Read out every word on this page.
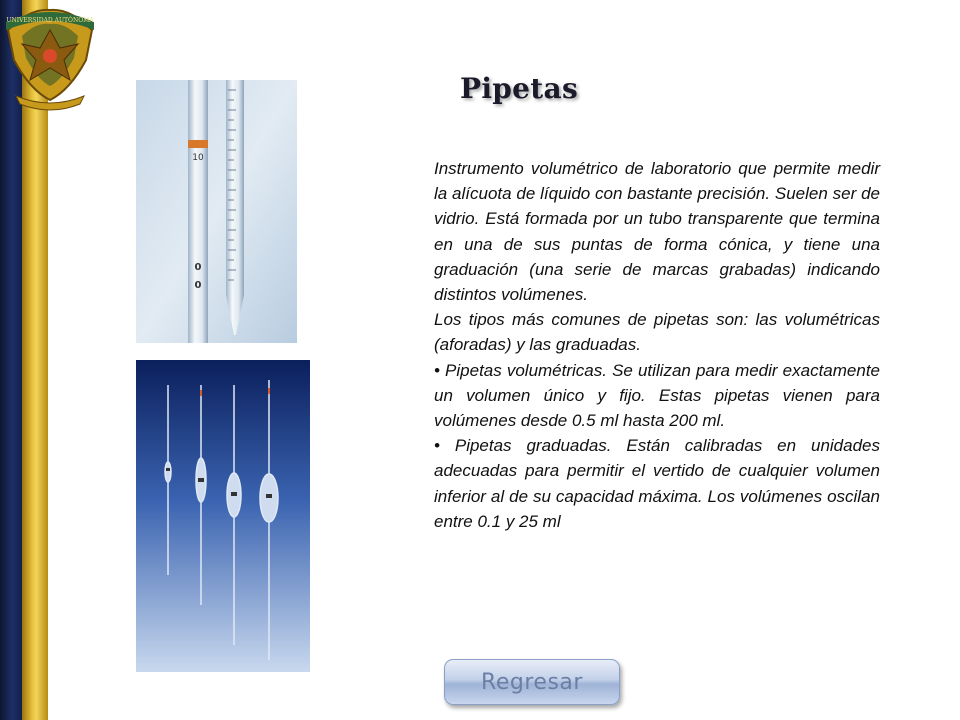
UNIVERSIDAD AUTÓNOMA
Pipetas
10
0
0

Instrumento volumétrico de laboratorio que permite medir la alícuota de líquido con bastante precisión. Suelen ser de vidrio. Está formada por un tubo transparente que termina en una de sus puntas de forma cónica, y tiene una graduación (una serie de marcas grabadas) indicando distintos volúmenes.

Los tipos más comunes de pipetas son: las volumétricas (aforadas) y las graduadas.

• Pipetas volumétricas. Se utilizan para medir exactamente un volumen único y fijo. Estas pipetas vienen para volúmenes desde 0.5 ml hasta 200 ml.

• Pipetas graduadas. Están calibradas en unidades adecuadas para permitir el vertido de cualquier volumen inferior al de su capacidad máxima. Los volúmenes oscilan entre 0.1 y 25 ml

Regresar
